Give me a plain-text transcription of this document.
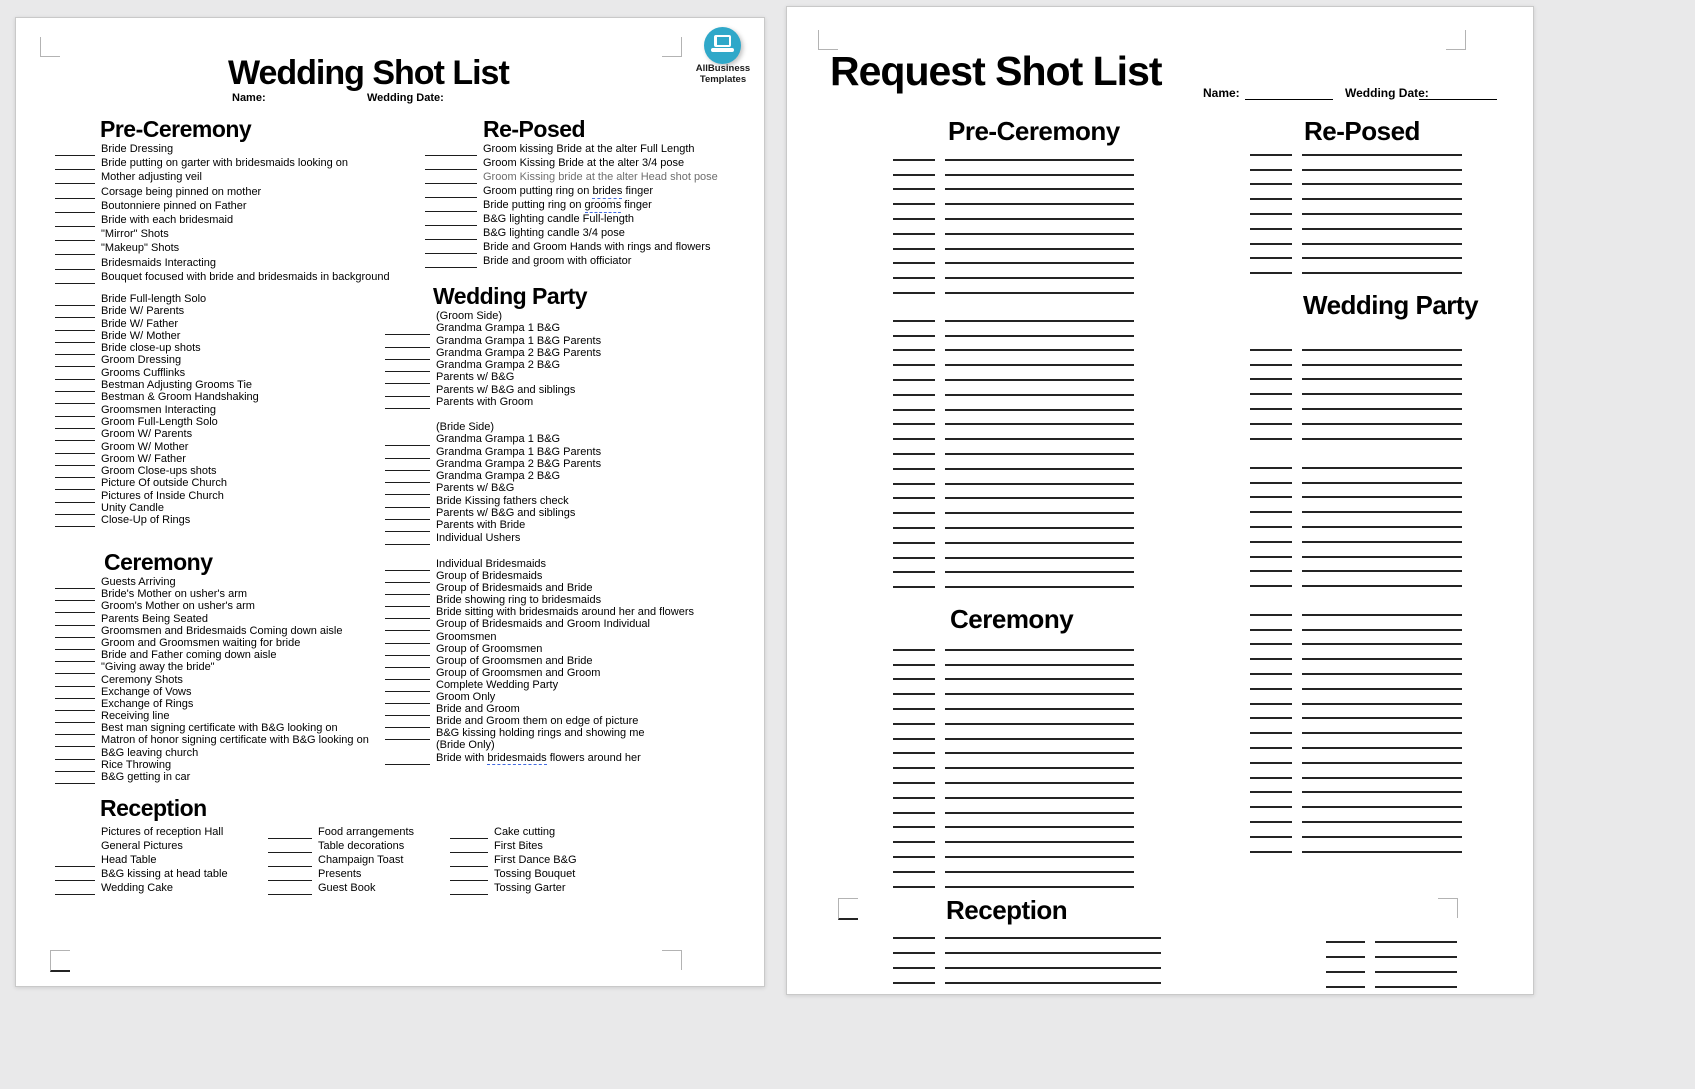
Wedding Shot List
Name:	Wedding Date:
AllBusiness
Templates
Pre-Ceremony	Re-Posed
Wedding Party
Ceremony
Reception
Bride Dressing
Bride putting on garter with bridesmaids looking on
Mother adjusting veil
Corsage being pinned on mother
Boutonniere pinned on Father
Bride with each bridesmaid
"Mirror" Shots
"Makeup" Shots
Bridesmaids Interacting
Bouquet focused with bride and bridesmaids in background
Bride Full-length Solo
Bride W/ Parents
Bride W/ Father
Bride W/ Mother
Bride close-up shots
Groom Dressing
Grooms Cufflinks
Bestman Adjusting Grooms Tie
Bestman & Groom Handshaking
Groomsmen Interacting
Groom Full-Length Solo
Groom W/ Parents
Groom W/ Mother
Groom W/ Father
Groom Close-ups shots
Picture Of outside Church
Pictures of Inside Church
Unity Candle
Close-Up of Rings
Guests Arriving
Bride's Mother on usher's arm
Groom's Mother on usher's arm
Parents Being Seated
Groomsmen and Bridesmaids Coming down aisle
Groom and Groomsmen waiting for bride
Bride and Father coming down aisle
"Giving away the bride"
Ceremony Shots
Exchange of Vows
Exchange of Rings
Receiving line
Best man signing certificate with B&G looking on
Matron of honor signing certificate with B&G looking on
B&G leaving church
Rice Throwing
B&G getting in car
Groom kissing Bride at the alter Full Length
Groom Kissing Bride at the alter 3/4 pose
Groom Kissing bride at the alter Head shot pose
Groom putting ring on brides finger
Bride putting ring on grooms finger
B&G lighting candle Full-length
B&G lighting candle 3/4 pose
Bride and Groom Hands with rings and flowers
Bride and groom with officiator
(Groom Side)
Grandma Grampa 1 B&G
Grandma Grampa 1 B&G Parents
Grandma Grampa 2 B&G Parents
Grandma Grampa 2 B&G
Parents w/ B&G
Parents w/ B&G and siblings
Parents with Groom
(Bride Side)
Grandma Grampa 1 B&G
Grandma Grampa 1 B&G Parents
Grandma Grampa 2 B&G Parents
Grandma Grampa 2 B&G
Parents w/ B&G
Bride Kissing fathers check
Parents w/ B&G and siblings
Parents with Bride
Individual Ushers
Individual Bridesmaids
Group of Bridesmaids
Group of Bridesmaids and Bride
Bride showing ring to bridesmaids
Bride sitting with bridesmaids around her and flowers
Group of Bridesmaids and Groom Individual
Groomsmen
Group of Groomsmen
Group of Groomsmen and Bride
Group of Groomsmen and Groom
Complete Wedding Party
Groom Only
Bride and Groom
Bride and Groom them on edge of picture
B&G kissing holding rings and showing me
(Bride Only)
Bride with bridesmaids flowers around her
Pictures of reception Hall
General Pictures
Head Table
B&G kissing at head table
Wedding Cake
Food arrangements
Table decorations
Champaign Toast
Presents
Guest Book
Cake cutting
First Bites
First Dance B&G
Tossing Bouquet
Tossing Garter
Request Shot List	Name:	Wedding Date:
Pre-Ceremony	Re-Posed
Wedding Party
Ceremony
Reception
